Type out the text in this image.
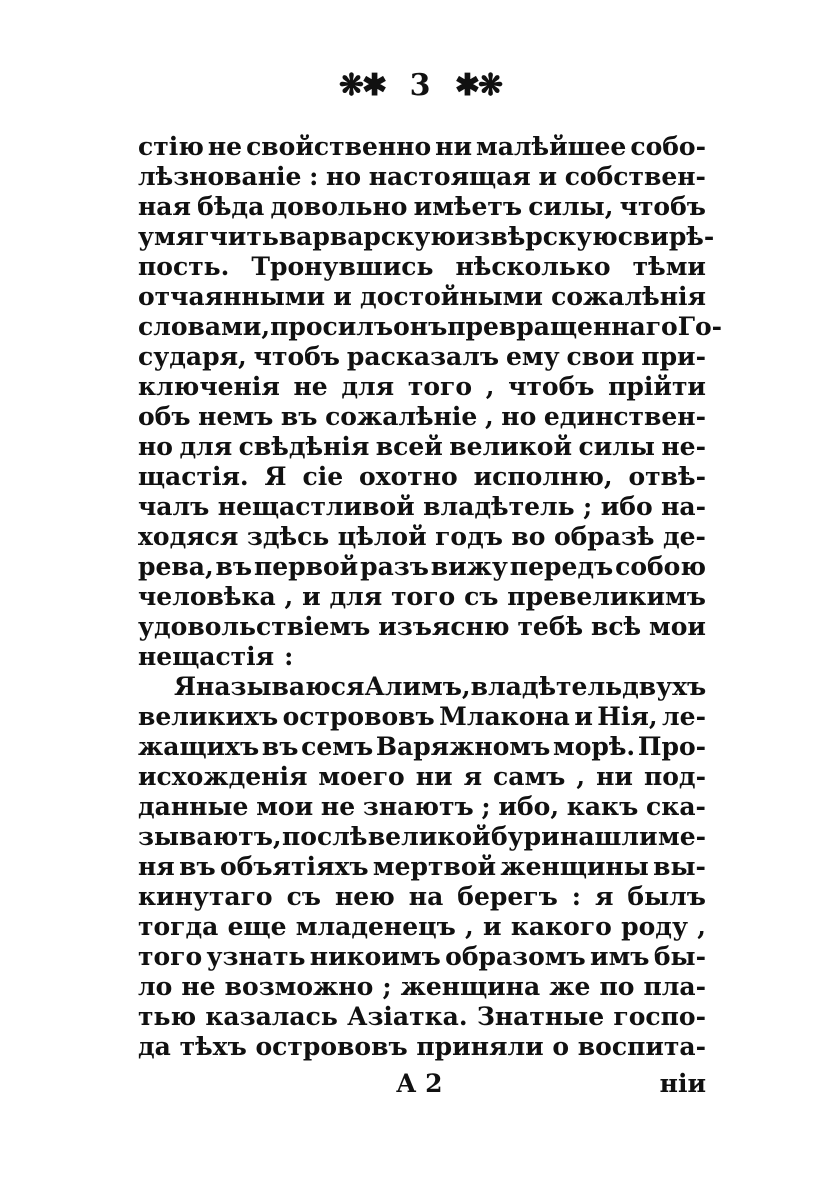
❋✱ 3 ✱❋
стію не свойственно ни малѣйшее собо-
лѣзнованіе : но настоящая и собствен-
ная бѣда довольно имѣетъ силы, чтобъ
умягчить варварскую и звѣрскую свирѣ-
пость. Тронувшись нѣсколько тѣми
отчаянными и достойными сожалѣнія
словами, просилъ онъ превращеннаго Го-
сударя, чтобъ расказалъ ему свои при-
ключенія не для того , чтобъ прійти
объ немъ въ сожалѣніе , но единствен-
но для свѣдѣнія всей великой силы не-
щастія. Я сіе охотно исполню, отвѣ-
чалъ нещастливой владѣтель ; ибо на-
ходяся здѣсь цѣлой годъ во образѣ де-
рева, въ первой разъ вижу передъ собою
человѣка , и для того съ превеликимъ
удовольствіемъ изъясню тебѣ всѣ мои
нещастія :
Я называюся Алимъ , владѣтель двухъ
великихъ острововъ Млакона и Нія, ле-
жащихъ въ семъ Варяжномъ морѣ. Про-
исхожденія моего ни я самъ , ни под-
данные мои не знаютъ ; ибо, какъ ска-
зываютъ, послѣ великой бури нашли ме-
ня въ объятіяхъ мертвой женщины вы-
кинутаго съ нею на берегъ : я былъ
тогда еще младенецъ , и какого роду ,
того узнать никоимъ образомъ имъ бы-
ло не возможно ; женщина же по пла-
тью казалась Азіатка. Знатные госпо-
да тѣхъ острововъ приняли о воспита-
А 2	ніи
